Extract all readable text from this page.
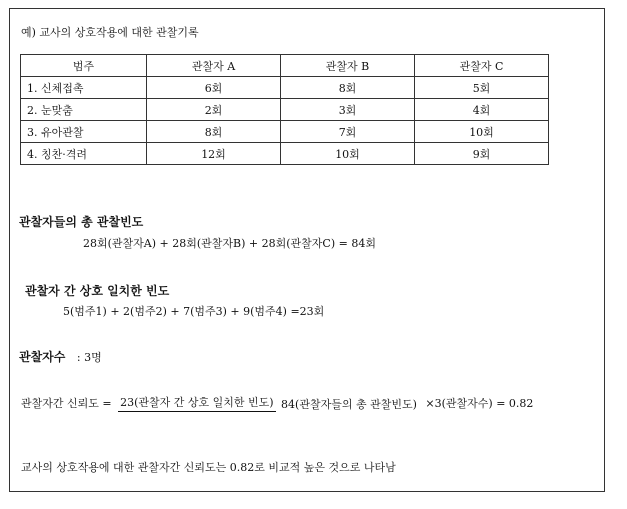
예) 교사의 상호작용에 대한 관찰기록
범주	관찰자 A	관찰자 B	관찰자 C
1. 신체접촉	6회	8회	5회
2. 눈맞춤	2회	3회	4회
3. 유아관찰	8회	7회	10회
4. 칭찬·격려	12회	10회	9회
관찰자들의 총 관찰빈도
28회(관찰자A) + 28회(관찰자B) + 28회(관찰자C) = 84회
관찰자 간 상호 일치한 빈도
5(범주1) + 2(범주2) + 7(범주3) + 9(범주4) =23회
관찰자수 : 3명
관찰자간 신뢰도 = 23(관찰자 간 상호 일치한 빈도) 84(관찰자들의 총 관찰빈도) ×3(관찰자수) = 0.82
교사의 상호작용에 대한 관찰자간 신뢰도는 0.82로 비교적 높은 것으로 나타남
